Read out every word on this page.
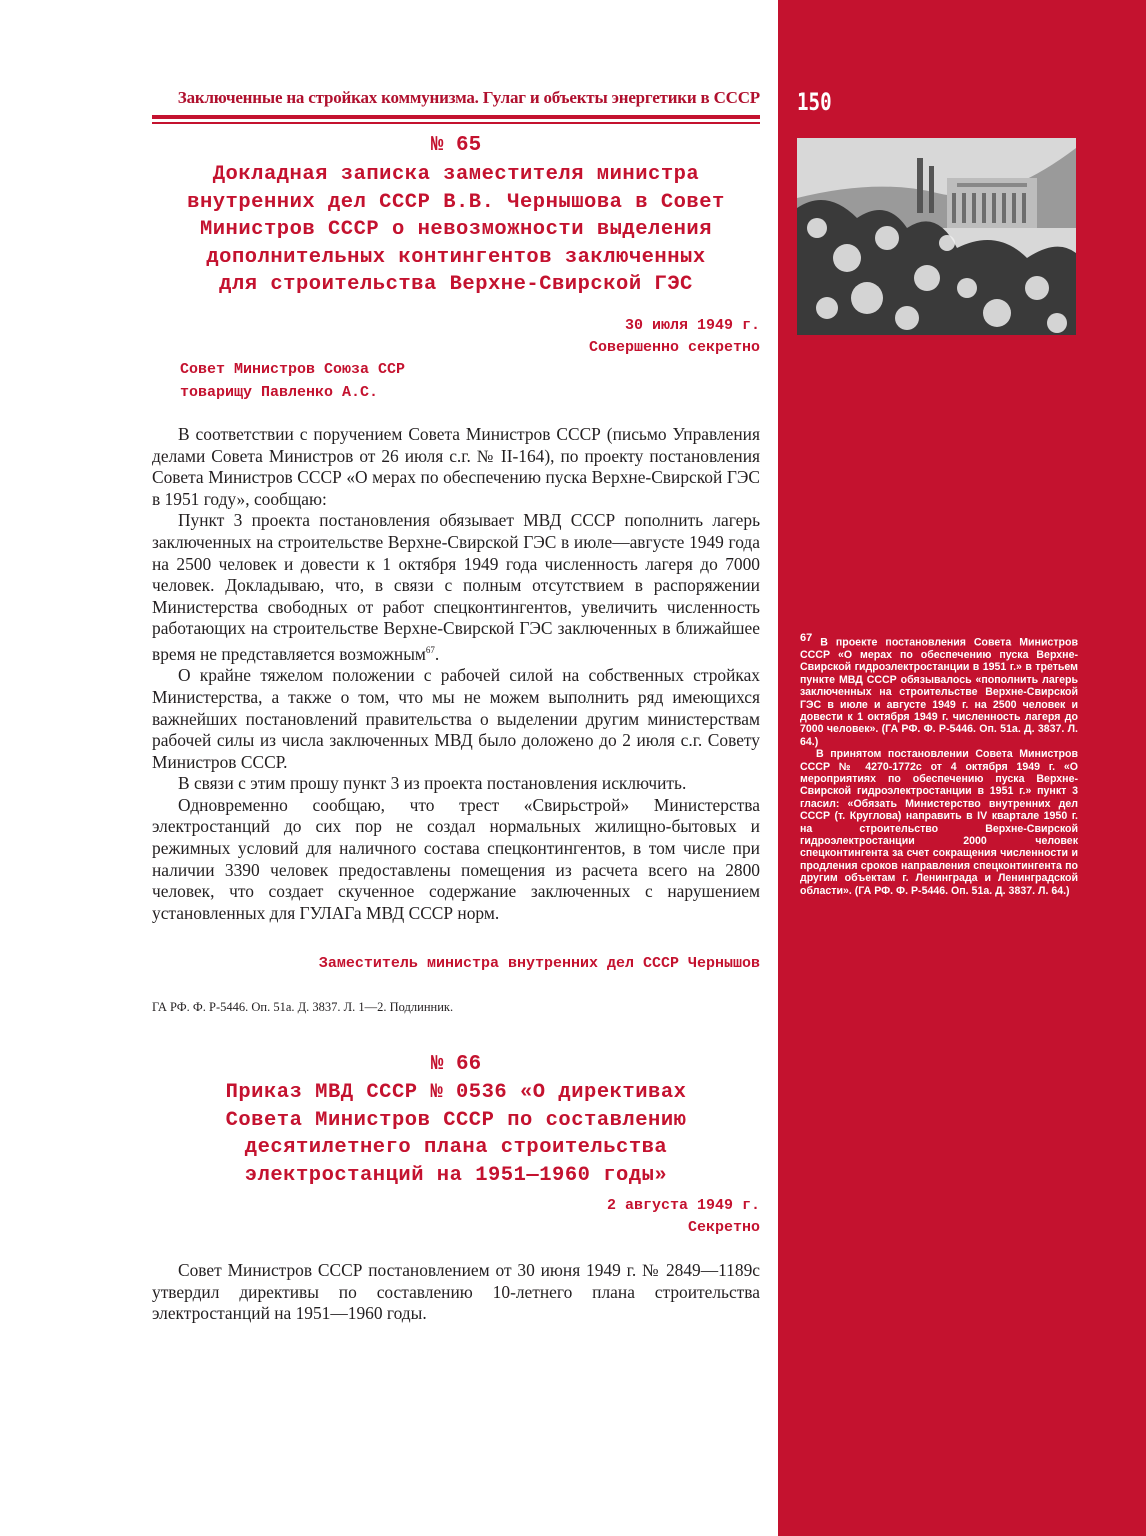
Заключенные на стройках коммунизма. Гулаг и объекты энергетики в СССР 150
№ 65
Докладная записка заместителя министра
внутренних дел СССР В.В. Чернышова в Совет
Министров СССР о невозможности выделения
дополнительных контингентов заключенных
для строительства Верхне-Свирской ГЭС
30 июля 1949 г.
Совершенно секретно
Совет Министров Союза ССР
товарищу Павленко А.С.

В соответствии с поручением Совета Министров СССР (письмо Управления делами Совета Министров от 26 июля с.г. № II-164), по проекту постановления Совета Министров СССР «О мерах по обеспечению пуска Верхне-Свирской ГЭС в 1951 году», сообщаю:

Пункт 3 проекта постановления обязывает МВД СССР пополнить лагерь заключенных на строительстве Верхне-Свирской ГЭС в июле—августе 1949 года на 2500 человек и довести к 1 октября 1949 года численность лагеря до 7000 человек. Докладываю, что, в связи с полным отсутствием в распоряжении Министерства свободных от работ спецконтингентов, увеличить численность работающих на строительстве Верхне-Свирской ГЭС заключенных в ближайшее время не представляется возможным$^{67}$.

О крайне тяжелом положении с рабочей силой на собственных стройках Министерства, а также о том, что мы не можем выполнить ряд имеющихся важнейших постановлений правительства о выделении другим министерствам рабочей силы из числа заключенных МВД было доложено до 2 июля с.г. Совету Министров СССР.

В связи с этим прошу пункт 3 из проекта постановления исключить.

Одновременно сообщаю, что трест «Свирьстрой» Министерства электростанций до сих пор не создал нормальных жилищно-бытовых и режимных условий для наличного состава спецконтингентов, в том числе при наличии 3390 человек предоставлены помещения из расчета всего на 2800 человек, что создает скученное содержание заключенных с нарушением установленных для ГУЛАГа МВД СССР норм.

Заместитель министра внутренних дел СССР Чернышов
ГА РФ. Ф. Р-5446. Оп. 51а. Д. 3837. Л. 1—2. Подлинник.
№ 66
Приказ МВД СССР № 0536 «О директивах
Совета Министров СССР по составлению
десятилетнего плана строительства
электростанций на 1951—1960 годы»
2 августа 1949 г.
Секретно

Совет Министров СССР постановлением от 30 июня 1949 г. № 2849—1189с утвердил директивы по составлению 10-летнего плана строительства электростанций на 1951—1960 годы.

$^{67}$ В проекте постановления Совета Министров СССР «О мерах по обеспечению пуска Верхне-Свирской гидроэлектростанции в 1951 г.» в третьем пункте МВД СССР обязывалось «пополнить лагерь заключенных на строительстве Верхне-Свирской ГЭС в июле и августе 1949 г. на 2500 человек и довести к 1 октября 1949 г. численность лагеря до 7000 человек». (ГА РФ. Ф. Р-5446. Оп. 51а. Д. 3837. Л. 64.)

В принятом постановлении Совета Министров СССР № 4270-1772с от 4 октября 1949 г. «О мероприятиях по обеспечению пуска Верхне-Свирской гидроэлектростанции в 1951 г.» пункт 3 гласил: «Обязать Министерство внутренних дел СССР (т. Круглова) направить в IV квартале 1950 г. на строительство Верхне-Свирской гидроэлектростанции 2000 человек спецконтингента за счет сокращения численности и продления сроков направления спецконтингента по другим объектам г. Ленинграда и Ленинградской области». (ГА РФ. Ф. Р-5446. Оп. 51а. Д. 3837. Л. 64.)
